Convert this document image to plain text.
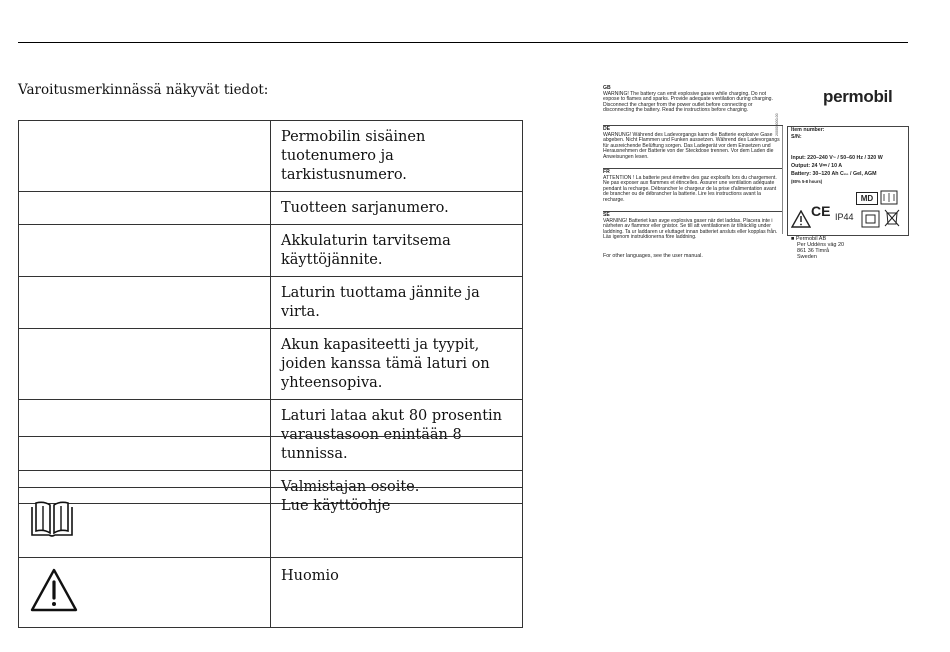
Varoitusmerkinnässä näkyvät tiedot:
	Permobilin sisäinen tuotenumero ja tarkistusnumero.
	Tuotteen sarjanumero.
	Akkulaturin tarvitsema käyttöjännite.
	Laturin tuottama jännite ja virta.
	Akun kapasiteetti ja tyypit, joiden kanssa tämä laturi on yhteensopiva.
	Laturi lataa akut 80 prosentin varaustasoon enintään 8 tunnissa.
	Valmistajan osoite.

	Lue käyttöohje
	Huomio
permobil
GB
WARNING! The battery can emit explosive gases while charging. Do not expose to flames and sparks. Provide adequate ventilation during charging. Disconnect the charger from the power outlet before connecting or disconnecting the battery. Read the instructions before charging.
DE
WARNUNG! Während des Ladevorgangs kann die Batterie explosive Gase abgeben. Nicht Flammen und Funken aussetzen. Während des Ladevorgangs für ausreichende Belüftung sorgen. Das Ladegerät vor dem Einsetzen und Herausnehmen der Batterie von der Steckdose trennen. Vor dem Laden die Anweisungen lesen.
FR
ATTENTION ! La batterie peut émettre des gaz explosifs lors du chargement. Ne pas exposer aux flammes et étincelles. Assurer une ventilation adéquate pendant la recharge. Débrancher le chargeur de la prise d'alimentation avant de brancher ou de débrancher la batterie. Lire les instructions avant la recharge.
SE
VARNING! Batteriet kan avge explosiva gaser när det laddas. Placera inte i närheten av flammor eller gnistor. Se till att ventilationen är tillräcklig under laddning. Ta ur laddaren ur eluttaget innan batteriet ansluts eller kopplas från. Läs igenom instruktionerna före laddning.
For other languages, see the user manual.
200000000-00	Item number:
S/N:
Input: 220–240 V~ / 50–60 Hz / 320 W
Output: 24 V⎓ / 10 A
Battery: 30–120 Ah C₂₀ / Gel, AGM
(80% 5-8 hours)
MD
CE IP44
■ Permobil AB
Per Uddéns väg 20
861 36 Timrå
Sweden
